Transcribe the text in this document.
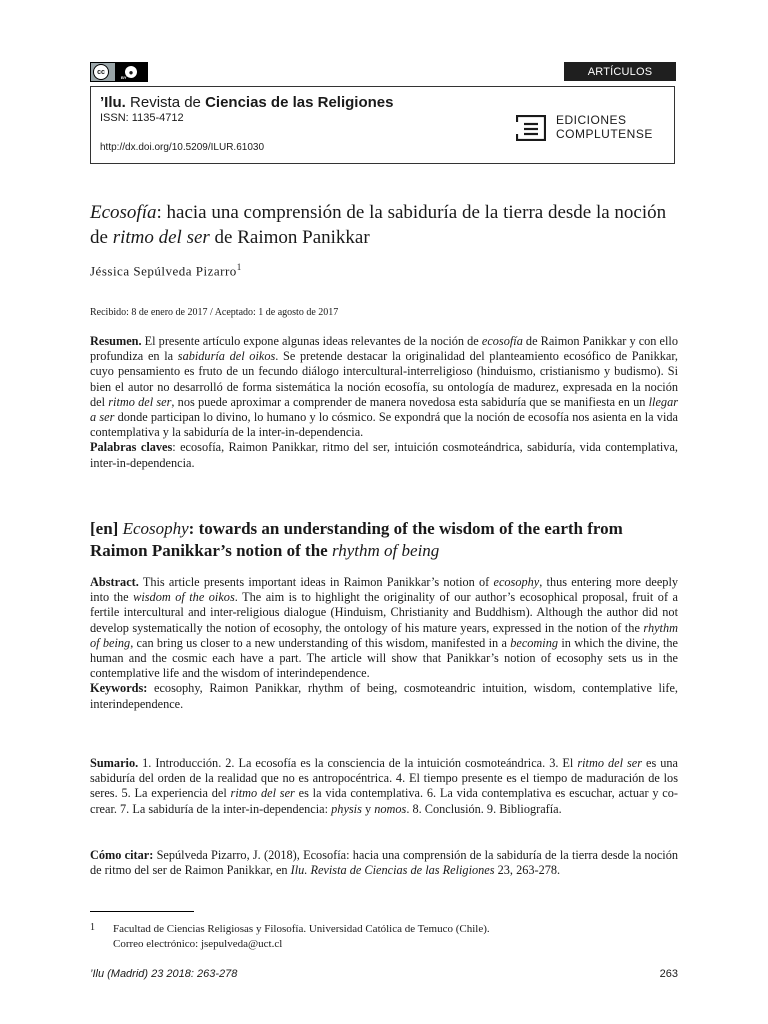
cc	●
BY	ARTÍCULOS
’Ilu. Revista de Ciencias de las Religiones
ISSN: 1135-4712
http://dx.doi.org/10.5209/ILUR.61030
EDICIONES
COMPLUTENSE
Ecosofía: hacia una comprensión de la sabiduría de la tierra desde la noción de ritmo del ser de Raimon Panikkar
Jéssica Sepúlveda Pizarro$^1$
Recibido: 8 de enero de 2017 / Aceptado: 1 de agosto de 2017
Resumen. El presente artículo expone algunas ideas relevantes de la noción de ecosofía de Raimon Panikkar y con ello profundiza en la sabiduría del oikos. Se pretende destacar la originalidad del planteamiento ecosófico de Panikkar, cuyo pensamiento es fruto de un fecundo diálogo intercultural-interreligioso (hinduismo, cristianismo y budismo). Si bien el autor no desarrolló de forma sistemática la noción ecosofía, su ontología de madurez, expresada en la noción del ritmo del ser, nos puede aproximar a comprender de manera novedosa esta sabiduría que se manifiesta en un llegar a ser donde participan lo divino, lo humano y lo cósmico. Se expondrá que la noción de ecosofía nos asienta en la vida contemplativa y la sabiduría de la inter-in-dependencia.
Palabras claves: ecosofía, Raimon Panikkar, ritmo del ser, intuición cosmoteándrica, sabiduría, vida contemplativa, inter-in-dependencia.
[en] Ecosophy: towards an understanding of the wisdom of the earth from Raimon Panikkar’s notion of the rhythm of being
Abstract. This article presents important ideas in Raimon Panikkar’s notion of ecosophy, thus entering more deeply into the wisdom of the oikos. The aim is to highlight the originality of our author’s ecosophical proposal, fruit of a fertile intercultural and inter-religious dialogue (Hinduism, Christianity and Buddhism). Although the author did not develop systematically the notion of ecosophy, the ontology of his mature years, expressed in the notion of the rhythm of being, can bring us closer to a new understanding of this wisdom, manifested in a becoming in which the divine, the human and the cosmic each have a part. The article will show that Panikkar’s notion of ecosophy sets us in the contemplative life and the wisdom of interindependence.
Keywords: ecosophy, Raimon Panikkar, rhythm of being, cosmoteandric intuition, wisdom, contemplative life, interindependence.
Sumario. 1. Introducción. 2. La ecosofía es la consciencia de la intuición cosmoteándrica. 3. El ritmo del ser es una sabiduría del orden de la realidad que no es antropocéntrica. 4. El tiempo presente es el tiempo de maduración de los seres. 5. La experiencia del ritmo del ser es la vida contemplativa. 6. La vida contemplativa es escuchar, actuar y co-crear. 7. La sabiduría de la inter-in-dependencia: physis y nomos. 8. Conclusión. 9. Bibliografía.
Cómo citar: Sepúlveda Pizarro, J. (2018), Ecosofía: hacia una comprensión de la sabiduría de la tierra desde la noción de ritmo del ser de Raimon Panikkar, en Ilu. Revista de Ciencias de las Religiones 23, 263-278.
1 Facultad de Ciencias Religiosas y Filosofía. Universidad Católica de Temuco (Chile).
Correo electrónico: jsepulveda@uct.cl
’Ilu (Madrid) 23 2018: 263-278	263
